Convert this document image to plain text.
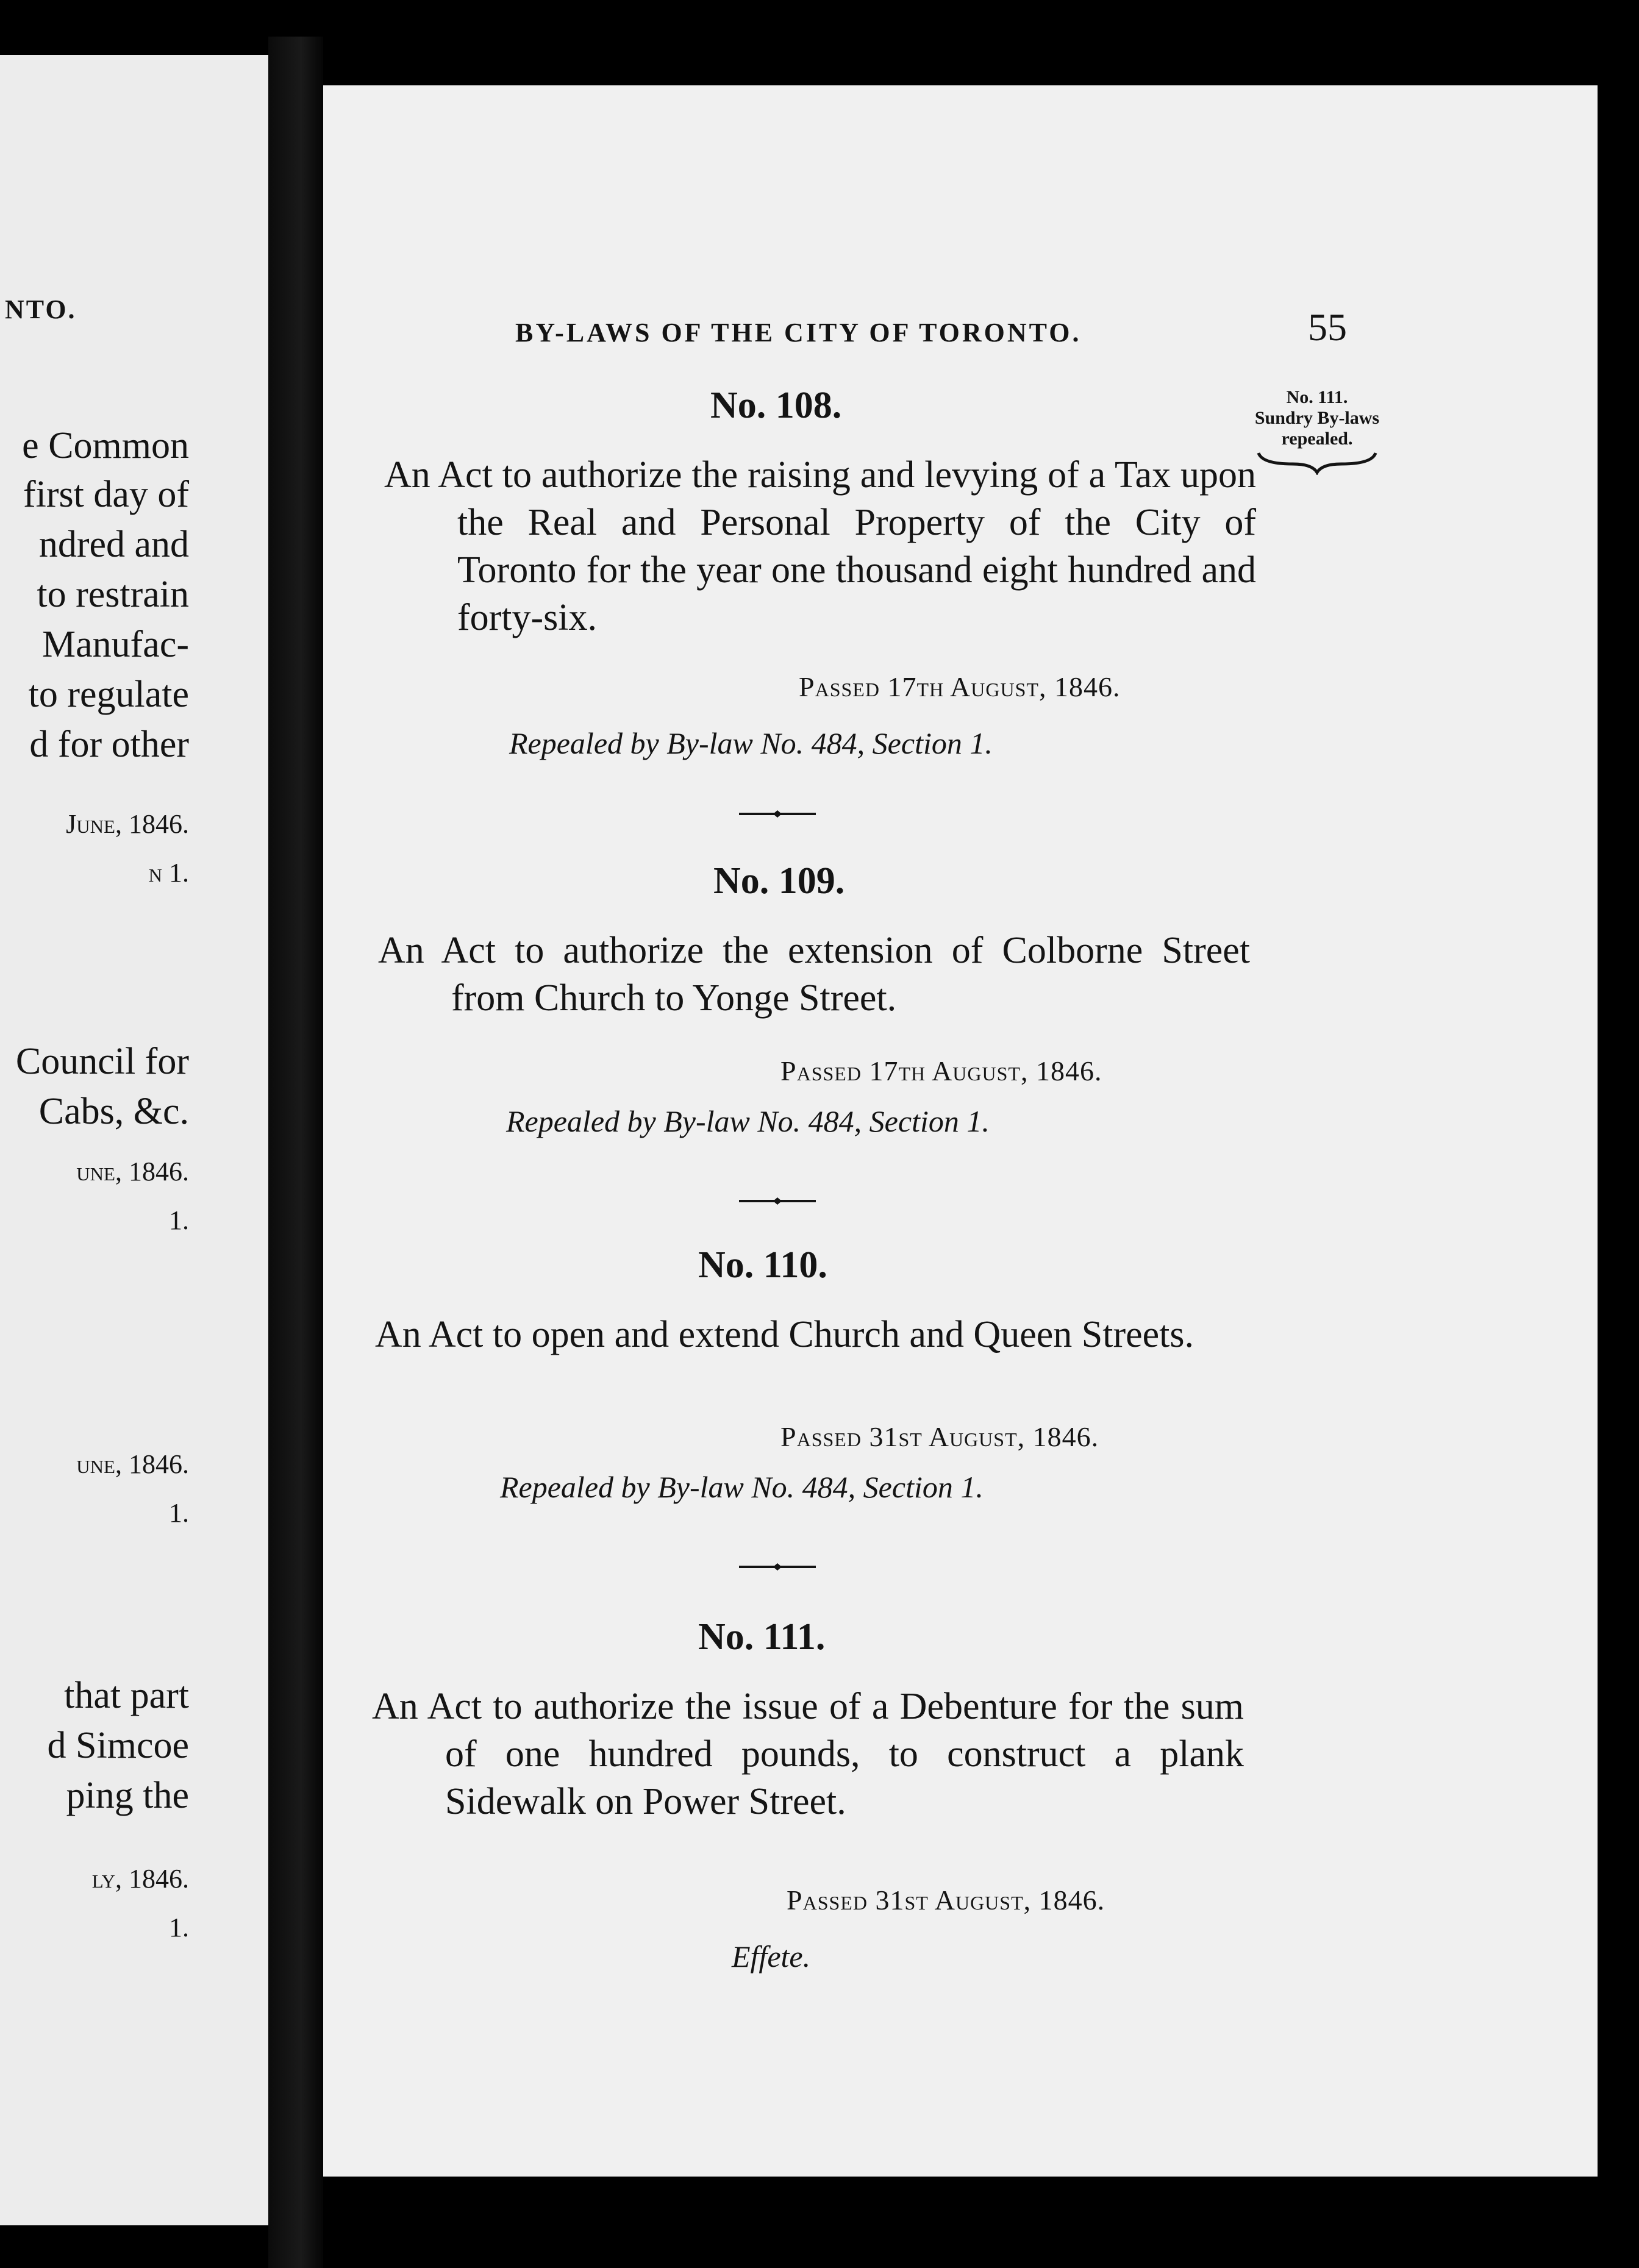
NTO.
e Common
first day of
ndred and
to restrain
Manufac-
to regulate
d for other
June, 1846.
n 1.
Council for
Cabs, &c.
une, 1846.
1.
une, 1846.
1.
that part
d Simcoe
ping the
ly, 1846.
1.
BY-LAWS OF THE CITY OF TORONTO.	55
No. 111.
Sundry By-laws
repealed.
No. 108.
An Act to authorize the raising and levying of a Tax upon the Real and Personal Property of the City of Toronto for the year one thousand eight hundred and forty-six.
Passed 17th August, 1846.
Repealed by By-law No. 484, Section 1.
No. 109.
An Act to authorize the extension of Colborne Street from Church to Yonge Street.
Passed 17th August, 1846.
Repealed by By-law No. 484, Section 1.
No. 110.
An Act to open and extend Church and Queen Streets.
Passed 31st August, 1846.
Repealed by By-law No. 484, Section 1.
No. 111.
An Act to authorize the issue of a Debenture for the sum of one hundred pounds, to construct a plank Sidewalk on Power Street.
Passed 31st August, 1846.
Effete.
